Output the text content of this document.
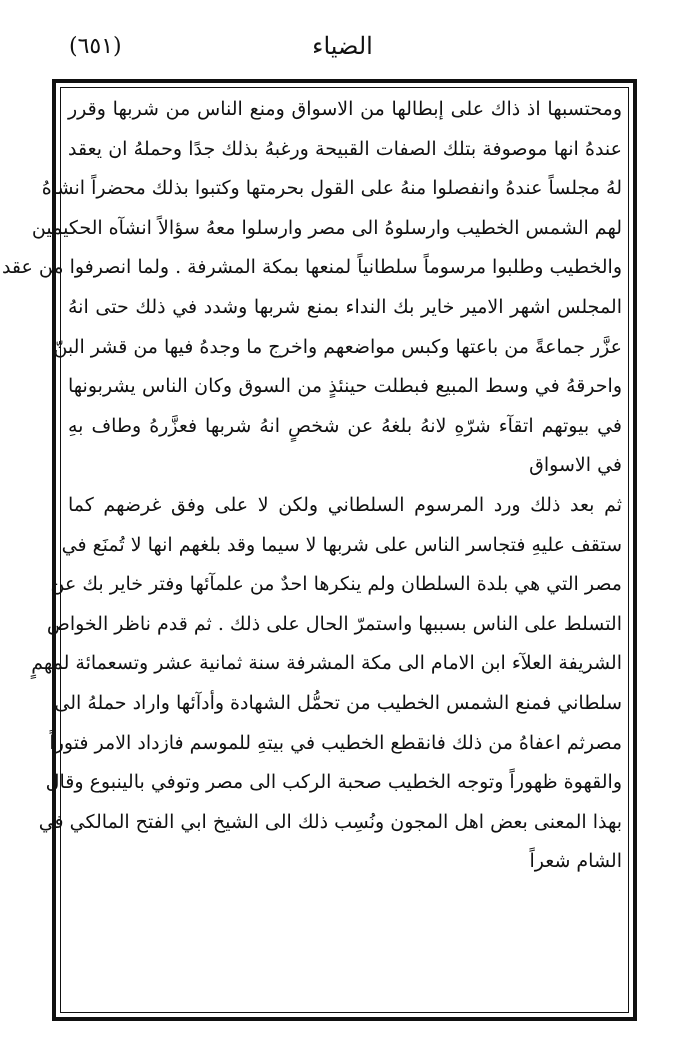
(٦٥١)	الضياء
ومحتسبها اذ ذاك على إبطالها من الاسواق ومنع الناس من شربها وقرر
عندهُ انها موصوفة بتلك الصفات القبيحة ورغبهُ بذلك جدًا وحملهُ ان يعقد
لهُ مجلساً عندهُ وانفصلوا منهُ على القول بحرمتها وكتبوا بذلك محضراً انشأهُ
لهم الشمس الخطيب وارسلوهُ الى مصر وارسلوا معهُ سؤالاً انشآه الحكيمين
والخطيب وطلبوا مرسوماً سلطانياً لمنعها بمكة المشرفة . ولما انصرفوا من عقد
المجلس اشهر الامير خاير بك النداء بمنع شربها وشدد في ذلك حتى انهُ
عزَّر جماعةً من باعتها وكبس مواضعهم واخرج ما وجدهُ فيها من قشر البنّ
واحرقهُ في وسط المبيع فبطلت حينئذٍ من السوق وكان الناس يشربونها
في بيوتهم اتقآء شرّهِ لانهُ بلغهُ عن شخصٍ انهُ شربها فعزَّرهُ وطاف بهِ
في الاسواق
ثم بعد ذلك ورد المرسوم السلطاني ولكن لا على وفق غرضهم كما
ستقف عليهِ فتجاسر الناس على شربها لا سيما وقد بلغهم انها لا تُمنَع في
مصر التي هي بلدة السلطان ولم ينكرها احدٌ من علمآئها وفتر خاير بك عن
التسلط على الناس بسببها واستمرّ الحال على ذلك . ثم قدم ناظر الخواص
الشريفة العلآء ابن الامام الى مكة المشرفة سنة ثمانية عشر وتسعمائة لمهمٍ
سلطاني فمنع الشمس الخطيب من تحمُّل الشهادة وأدآئها واراد حملهُ الى
مصرثم اعفاهُ من ذلك فانقطع الخطيب في بيتهِ للموسم فازداد الامر فتوراً
والقهوة ظهوراً وتوجه الخطيب صحبة الركب الى مصر وتوفي بالينبوع وقال
بهذا المعنى بعض اهل المجون ونُسِب ذلك الى الشيخ ابي الفتح المالكي في
الشام شعراً
